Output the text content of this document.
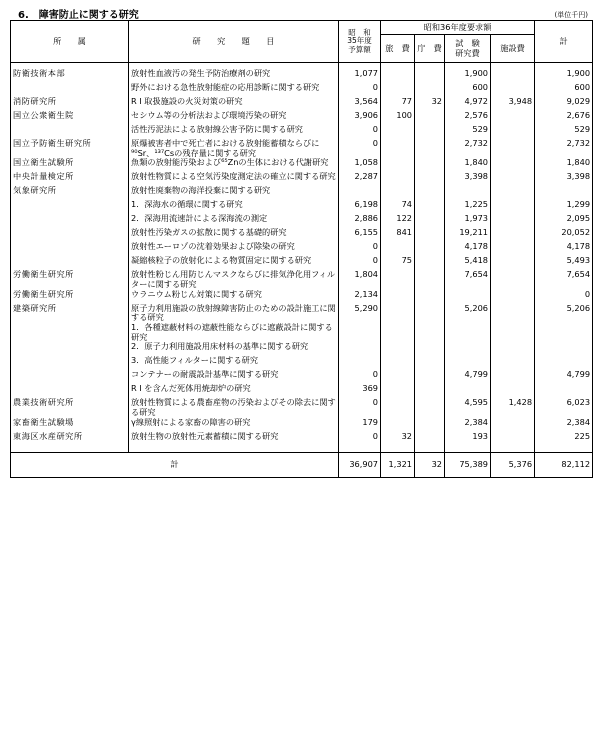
6.　障害防止に関する研究	(単位千円)
所　　属	研　　究　　題　　目	昭　和
35年度
予算額	昭和36年度要求額				計
			旅　費	庁　費	試　験
研究費	施設費	

防衛技術本部	放射性血液汚の発生予防治療剤の研究	1,077			1,900		1,900
	野外における急性放射能症の応用診断に関する研究	0			600		600
消防研究所	R I 取扱施設の火災対策の研究	3,564	77	32	4,972	3,948	9,029
国立公衆衛生院	セシウム等の分析法および環境汚染の研究	3,906	100		2,576		2,676
	活性汚泥法による放射線公害予防に関する研究	0			529		529
国立予防衛生研究所	原爆被害者中で死亡者における放射能蓄積ならびに⁹⁰Sr、¹³⁷Csの残存量に関する研究	0			2,732		2,732
国立衛生試験所	魚類の放射能汚染および⁶⁵Znの生体における代謝研究	1,058			1,840		1,840
中央計量検定所	放射性物質による空気汚染度測定法の確立に関する研究	2,287			3,398		3,398
気象研究所	放射性廃棄物の海洋投棄に関する研究						
	1．深海水の循環に関する研究	6,198	74		1,225		1,299
	2．深海用流速計による深海流の測定	2,886	122		1,973		2,095
	放射性汚染ガスの拡散に関する基礎的研究	6,155	841		19,211		20,052
	放射性エーロゾの沈着効果および除染の研究	0			4,178		4,178
	凝縮核粒子の放射化による物質固定に関する研究	0	75		5,418		5,493
労働衛生研究所	放射性粉じん用防じんマスクならびに排気浄化用フィルターに関する研究	1,804			7,654		7,654
労働衛生研究所	ウラニウム粉じん対策に関する研究	2,134					0
建築研究所	原子力利用施設の放射線障害防止のための設計施工に関する研究	5,290			5,206		5,206
	1．各種遮蔽材料の遮蔽性能ならびに遮蔽設計に関する研究						
	2．原子力利用施設用床材料の基準に関する研究						
	3．高性能フィルターに関する研究						
	コンテナーの耐震設計基準に関する研究	0			4,799		4,799
	R I を含んだ死体用焼却炉の研究	369					
農業技術研究所	放射性物質による農畜産物の汚染およびその除去に関する研究	0			4,595	1,428	6,023
家畜衛生試験場	γ線照射による家畜の障害の研究	179			2,384		2,384
東海区水産研究所	放射生物の放射性元素蓄積に関する研究	0	32		193		225

計		36,907	1,321	32	75,389	5,376	82,112
